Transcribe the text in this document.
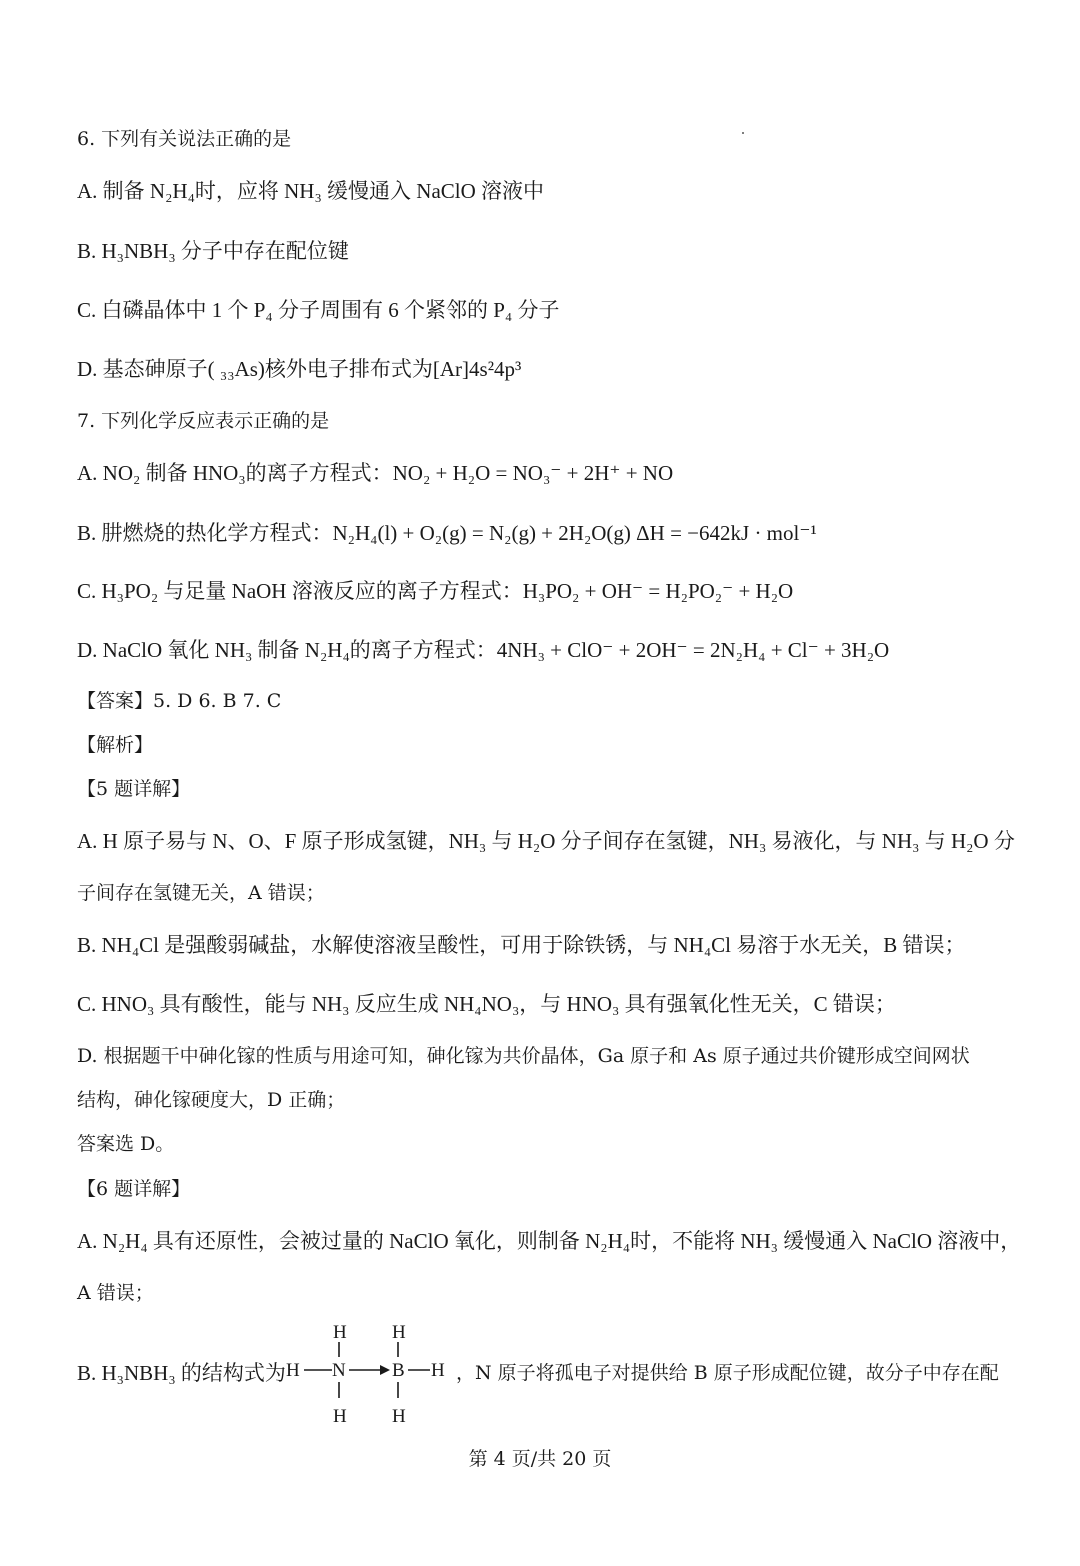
6. 下列有关说法正确的是
A. 制备 N₂H₄时，应将 NH₃ 缓慢通入 NaClO 溶液中
B. H₃NBH₃ 分子中存在配位键
C. 白磷晶体中 1 个 P₄ 分子周围有 6 个紧邻的 P₄ 分子
D. 基态砷原子( ₃₃As)核外电子排布式为[Ar]4s²4p³
7. 下列化学反应表示正确的是
A. NO₂ 制备 HNO₃的离子方程式：NO₂ + H₂O = NO₃⁻ + 2H⁺ + NO
B. 肼燃烧的热化学方程式：N₂H₄(l) + O₂(g) = N₂(g) + 2H₂O(g) ΔH = −642kJ · mol⁻¹
C. H₃PO₂ 与足量 NaOH 溶液反应的离子方程式：H₃PO₂ + OH⁻ = H₂PO₂⁻ + H₂O
D. NaClO 氧化 NH₃ 制备 N₂H₄的离子方程式：4NH₃ + ClO⁻ + 2OH⁻ = 2N₂H₄ + Cl⁻ + 3H₂O
【答案】5. D 6. B 7. C
【解析】
【5 题详解】
A. H 原子易与 N、O、F 原子形成氢键，NH₃ 与 H₂O 分子间存在氢键，NH₃ 易液化，与 NH₃ 与 H₂O 分
子间存在氢键无关，A 错误；
B. NH₄Cl 是强酸弱碱盐，水解使溶液呈酸性，可用于除铁锈，与 NH₄Cl 易溶于水无关，B 错误；
C. HNO₃ 具有酸性，能与 NH₃ 反应生成 NH₄NO₃，与 HNO₃ 具有强氧化性无关，C 错误；
D. 根据题干中砷化镓的性质与用途可知，砷化镓为共价晶体，Ga 原子和 As 原子通过共价键形成空间网状
结构，砷化镓硬度大，D 正确；
答案选 D。
【6 题详解】
A. N₂H₄ 具有还原性，会被过量的 NaClO 氧化，则制备 N₂H₄时，不能将 NH₃ 缓慢通入 NaClO 溶液中，
A 错误；
B. H₃NBH₃ 的结构式为 H N
H
H
B
H
H
H ，N 原子将孤电子对提供给 B 原子形成配位键，故分子中存在配
第 4 页/共 20 页
